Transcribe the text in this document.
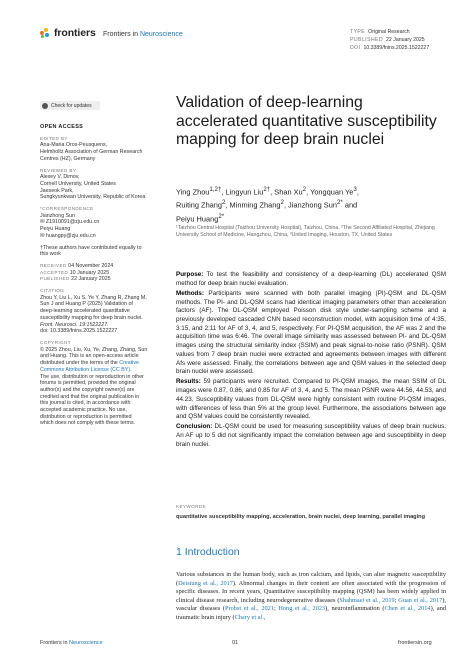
frontiers Frontiers in Neuroscience	TYPE Original Research
PUBLISHED 22 January 2025
DOI 10.3389/fnins.2025.1522227
Check for updates
OPEN ACCESS
EDITED BY
Ana-Maria Oros-Peusquens,
Helmholtz Association of German Research
Centres (HZ), Germany
REVIEWED BY
Alexey V. Dimov,
Cornell University, United States
Jaeseok Park,
Sungkyunkwan University, Republic of Korea
*CORRESPONDENCE
Jianzhong Sun
✉ Z1910091@zju.edu.cn
Peiyu Huang
✉ huangpy@zju.edu.cn
†These authors have contributed equally to
this work
RECEIVED 04 November 2024
ACCEPTED 10 January 2025
PUBLISHED 22 January 2025
CITATION
Zhou Y, Liu L, Xu S, Ye Y, Zhang R, Zhang M,
Sun J and Huang P (2025) Validation of
deep-learning accelerated quantitative
susceptibility mapping for deep brain nuclei.
Front. Neurosci. 19:1522227.
doi: 10.3389/fnins.2025.1522227
COPYRIGHT
© 2025 Zhou, Liu, Xu, Ye, Zhang, Zhang, Sun
and Huang. This is an open-access article
distributed under the terms of the Creative
Commons Attribution License (CC BY).
The use, distribution or reproduction in other
forums is permitted, provided the original
author(s) and the copyright owner(s) are
credited and that the original publication in
this journal is cited, in accordance with
accepted academic practice. No use,
distribution or reproduction is permitted
which does not comply with these terms.
Validation of deep-learning accelerated quantitative susceptibility mapping for deep brain nuclei
Ying Zhou$^{1,2\dagger}$, Lingyun Liu$^{2\dagger}$, Shan Xu$^2$, Yongquan Ye$^3$,
Ruiting Zhang$^2$, Minming Zhang$^2$, Jianzhong Sun$^{2*}$ and
Peiyu Huang$^{2*}$
¹Taizhou Central Hospital (Taizhou University Hospital), Taizhou, China, ²The Second Affiliated Hospital, Zhejiang University School of Medicine, Hangzhou, China, ³United Imaging, Houston, TX, United States

Purpose: To test the feasibility and consistency of a deep-learning (DL) accelerated QSM method for deep brain nuclei evaluation.

Methods: Participants were scanned with both parallel imaging (PI)-QSM and DL-QSM methods. The PI- and DL-QSM scans had identical imaging parameters other than acceleration factors (AF). The DL-QSM employed Poisson disk style under-sampling scheme and a previously developed cascaded CNN based reconstruction model, with acquisition time of 4:35, 3:15, and 2:11 for AF of 3, 4, and 5, respectively. For PI-QSM acquisition, the AF was 2 and the acquisition time was 6:46. The overall image similarity was assessed between PI- and DL-QSM images using the structural similarity index (SSIM) and peak signal-to-noise ratio (PSNR). QSM values from 7 deep brain nuclei were extracted and agreements between images with different Afs were assessed. Finally, the correlations between age and QSM values in the selected deep brain nuclei were assessed.

Results: 59 participants were recruited. Compared to PI-QSM images, the mean SSIM of DL images were 0.87, 0.86, and 0.85 for AF of 3, 4, and 5. The mean PSNR were 44.56, 44.53, and 44.23. Susceptibility values from DL-QSM were highly consistent with routine PI-QSM images, with differences of less than 5% at the group level. Furthermore, the associations between age and QSM values could be consistently revealed.

Conclusion: DL-QSM could be used for measuring susceptibility values of deep brain nucleus. An AF up to 5 did not significantly impact the correlation between age and susceptibility in deep brain nuclei.

KEYWORDS
quantitative susceptibility mapping, acceleration, brain nuclei, deep learning, parallel imaging
1 Introduction
Various substances in the human body, such as iron calcium, and lipids, can alter magnetic susceptibility (Deistung et al., 2017). Abnormal changes in their content are often associated with the progression of specific diseases. In recent years, Quantitative susceptibility mapping (QSM) has been widely applied in clinical disease research, including neurodegenerative diseases (Shahmaei et al., 2019; Guan et al., 2017), vascular diseases (Probst et al., 2021; Hong et al., 2023), neuroinflammation (Chen et al., 2014), and traumatic brain injury (Chary et al.,
Frontiers in Neuroscience	01	frontiersin.org
